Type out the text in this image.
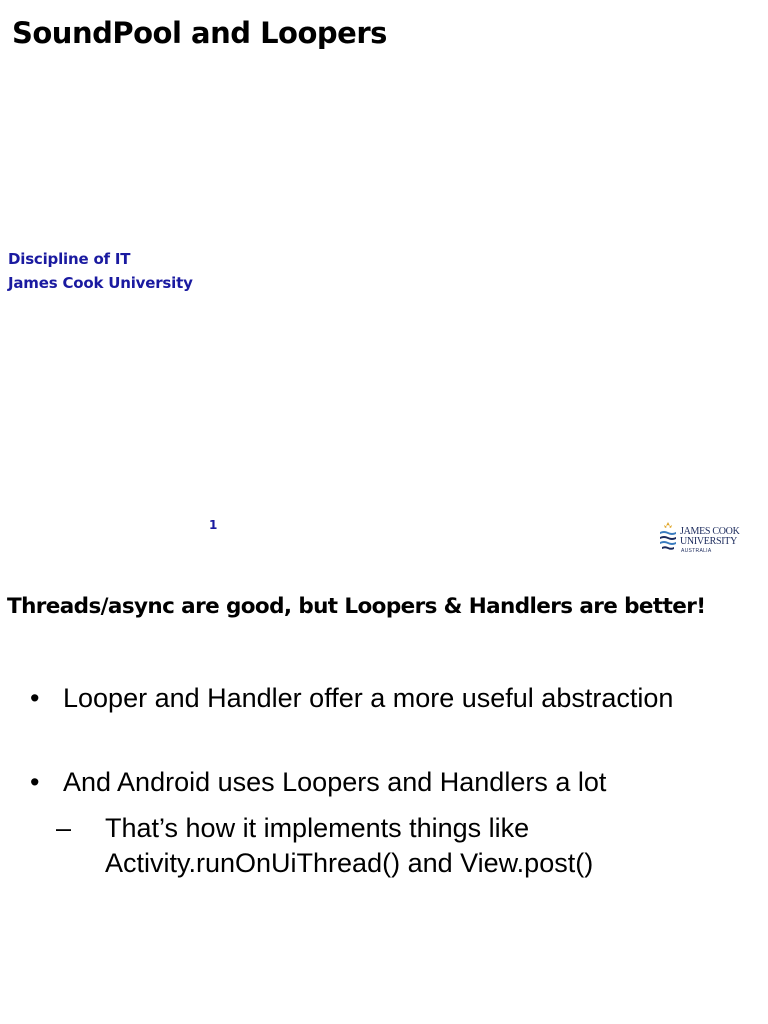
SoundPool and Loopers
Discipline of IT
James Cook University
1	JAMES COOK
UNIVERSITY
AUSTRALIA
Threads/async are good, but Loopers & Handlers are better!
• Looper and Handler offer a more useful abstraction
• And Android uses Loopers and Handlers a lot
– That’s how it implements things like
Activity.runOnUiThread() and View.post()
